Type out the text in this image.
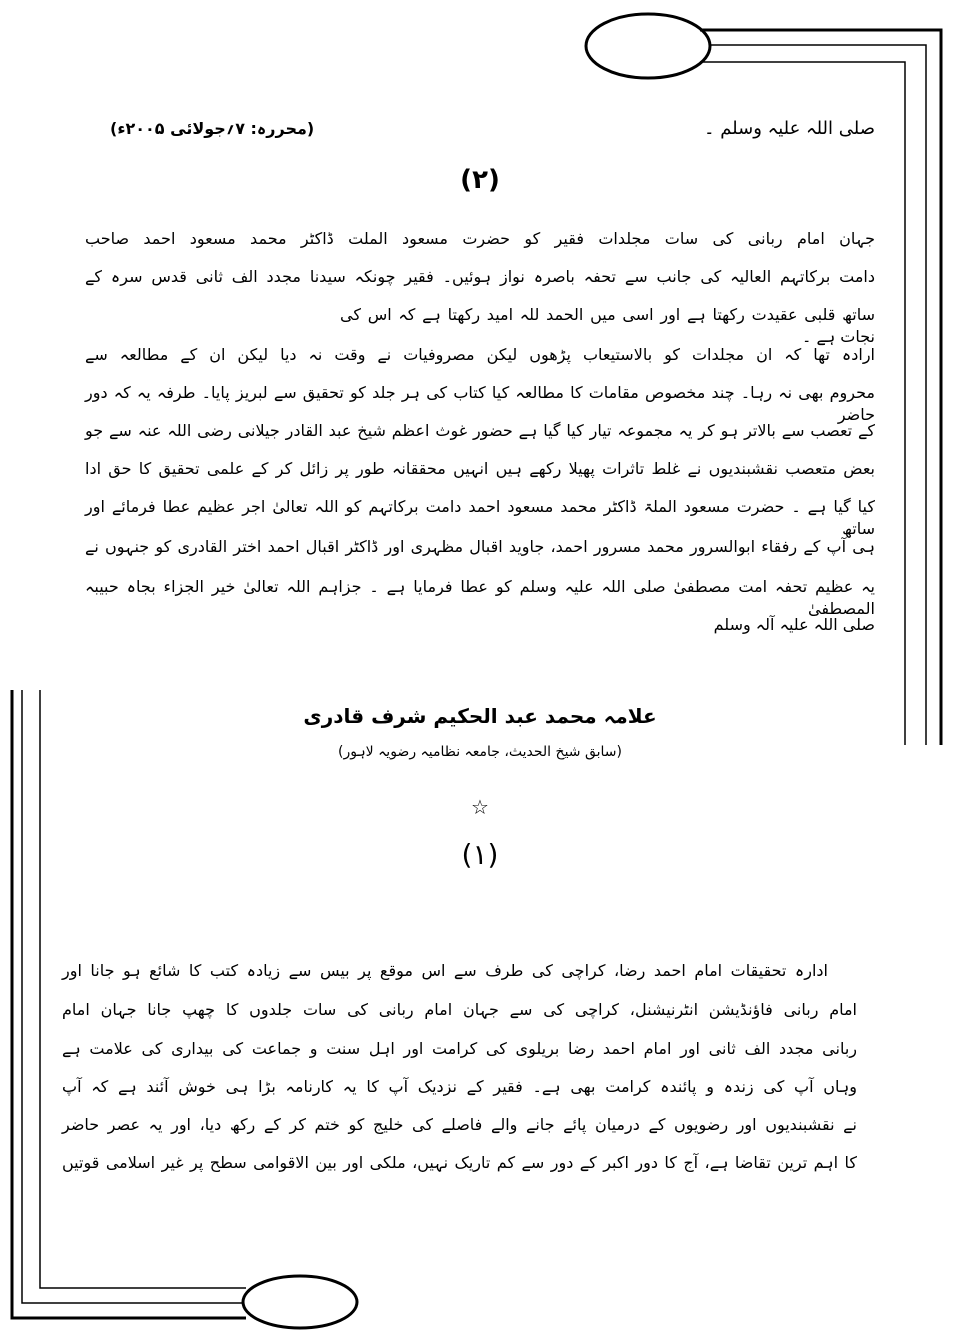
صلی اللہ علیہ وسلم ۔
(محررہ: ۷؍جولائی ۲۰۰۵ء)
(۲)
جہان امام ربانی کی سات مجلدات فقیر کو حضرت مسعود الملت ڈاکٹر محمد مسعود احمد صاحب
دامت برکاتہم العالیہ کی جانب سے تحفہ باصرہ نواز ہوئیں۔ فقیر چونکہ سیدنا مجدد الف ثانی قدس سرہ کے
ساتھ قلبی عقیدت رکھتا ہے اور اسی میں الحمد للہ امید رکھتا ہے کہ اس کی نجات ہے ۔
ارادہ تھا کہ ان مجلدات کو بالاستیعاب پڑھوں لیکن مصروفیات نے وقت نہ دیا لیکن ان کے مطالعہ سے
محروم بھی نہ رہا۔ چند مخصوص مقامات کا مطالعہ کیا کتاب کی ہر جلد کو تحقیق سے لبریز پایا۔ طرفہ یہ کہ دور حاضر
کے تعصب سے بالاتر ہو کر یہ مجموعہ تیار کیا گیا ہے حضور غوث اعظم شیخ عبد القادر جیلانی رضی اللہ عنہ سے جو
بعض متعصب نقشبندیوں نے غلط تاثرات پھیلا رکھے ہیں انہیں محققانہ طور پر زائل کر کے علمی تحقیق کا حق ادا
کیا گیا ہے ۔ حضرت مسعود الملۃ ڈاکٹر محمد مسعود احمد دامت برکاتہم کو اللہ تعالیٰ اجر عظیم عطا فرمائے اور ساتھ
ہی آپ کے رفقاء ابوالسرور محمد مسرور احمد، جاوید اقبال مظہری اور ڈاکٹر اقبال احمد اختر القادری کو جنہوں نے
یہ عظیم تحفہ امت مصطفیٰ صلی اللہ علیہ وسلم کو عطا فرمایا ہے ۔ جزاہم اللہ تعالیٰ خیر الجزاء بجاہ حبیبہ المصطفیٰ
صلی اللہ علیہ آلہ وسلم
علامہ محمد عبد الحکیم شرف قادری
(سابق شیخ الحدیث، جامعہ نظامیہ رضویہ لاہور)
☆
(۱)
ادارہ تحقیقات امام احمد رضا، کراچی کی طرف سے اس موقع پر بیس سے زیادہ کتب کا شائع ہو جانا اور
امام ربانی فاؤنڈیشن انٹرنیشنل، کراچی کی سے جہان امام ربانی کی سات جلدوں کا چھپ جانا جہان امام
ربانی مجدد الف ثانی اور امام احمد رضا بریلوی کی کرامت اور اہل سنت و جماعت کی بیداری کی علامت ہے
وہاں آپ کی زندہ و پائندہ کرامت بھی ہے۔ فقیر کے نزدیک آپ کا یہ کارنامہ بڑا ہی خوش آئند ہے کہ آپ
نے نقشبندیوں اور رضویوں کے درمیان پائے جانے والے فاصلے کی خلیج کو ختم کر کے رکھ دیا، اور یہ عصر حاضر
کا اہم ترین تقاضا ہے، آج کا دور اکبر کے دور سے کم تاریک نہیں، ملکی اور بین الاقوامی سطح پر غیر اسلامی قوتیں
